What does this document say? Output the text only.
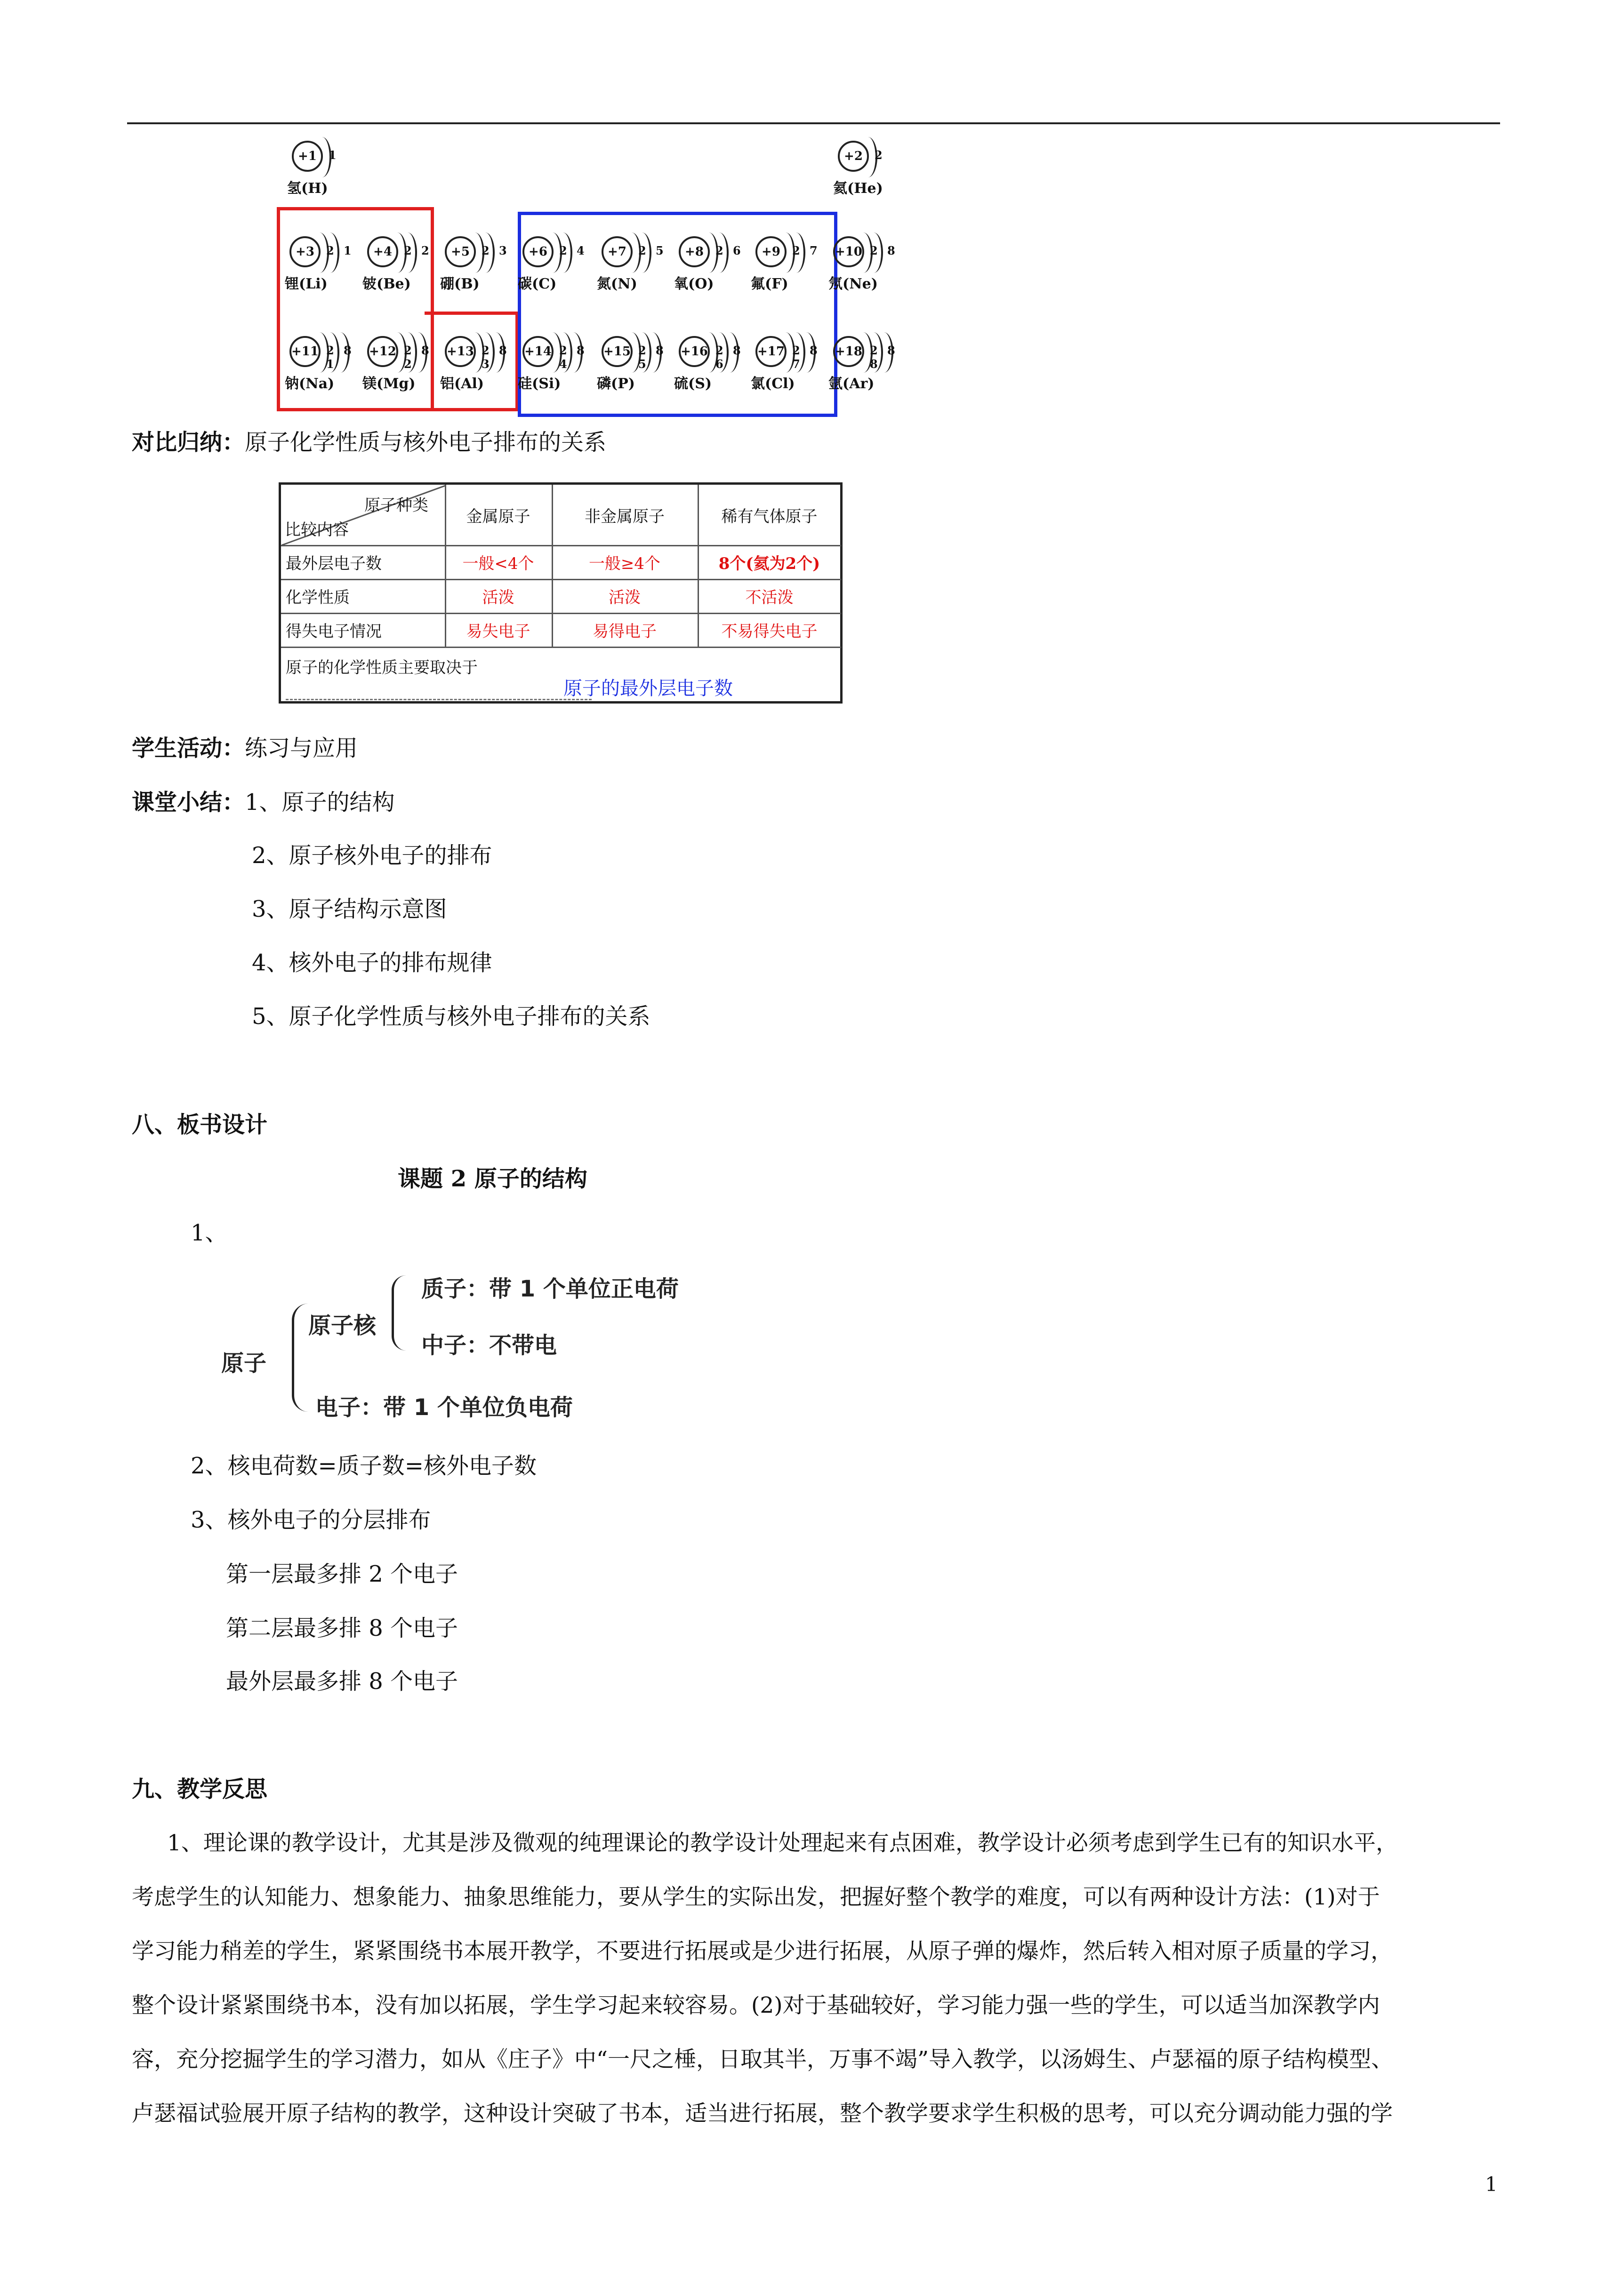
+1	1
氢(H)
+2	2
氦(He)
+3	2 1
锂(Li)
+4	2 2
铍(Be)
+5	2 3
硼(B)
+6	2 4
碳(C)
+7	2 5
氮(N)
+8	2 6
氧(O)
+9	2 7
氟(F)
+10 2 8
氖(Ne)
+11 2 8 1
钠(Na)
+12 2 8 2
镁(Mg)
+13 2 8 3
铝(Al)
+14 2 8 4
硅(Si)
+15 2 8 5
磷(P)
+16 2 8 6
硫(S)
+17 2 8 7
氯(Cl)
+18 2 8 8
氩(Ar)
对比归纳：原子化学性质与核外电子排布的关系
原子种类
比较内容
金属原子	非金属原子	稀有气体原子
最外层电子数	一般<4个	一般≥4个	8个(氦为2个)
化学性质	活泼	活泼	不活泼
得失电子情况	易失电子	易得电子	不易得失电子
原子的化学性质主要取决于
原子的最外层电子数
学生活动：练习与应用
课堂小结：1、原子的结构
2、原子核外电子的排布
3、原子结构示意图
4、核外电子的排布规律
5、原子化学性质与核外电子排布的关系
八、板书设计
课题 2 原子的结构
1、
原子
原子核
质子：带 1 个单位正电荷
中子：不带电
电子：带 1 个单位负电荷
2、核电荷数=质子数=核外电子数
3、核外电子的分层排布
第一层最多排 2 个电子
第二层最多排 8 个电子
最外层最多排 8 个电子
九、教学反思
1、理论课的教学设计，尤其是涉及微观的纯理课论的教学设计处理起来有点困难，教学设计必须考虑到学生已有的知识水平，
考虑学生的认知能力、想象能力、抽象思维能力，要从学生的实际出发，把握好整个教学的难度，可以有两种设计方法：(1)对于
学习能力稍差的学生，紧紧围绕书本展开教学，不要进行拓展或是少进行拓展，从原子弹的爆炸，然后转入相对原子质量的学习，
整个设计紧紧围绕书本，没有加以拓展，学生学习起来较容易。(2)对于基础较好，学习能力强一些的学生，可以适当加深教学内
容，充分挖掘学生的学习潜力，如从《庄子》中“一尺之棰，日取其半，万事不竭”导入教学，以汤姆生、卢瑟福的原子结构模型、
卢瑟福试验展开原子结构的教学，这种设计突破了书本，适当进行拓展，整个教学要求学生积极的思考，可以充分调动能力强的学
1
